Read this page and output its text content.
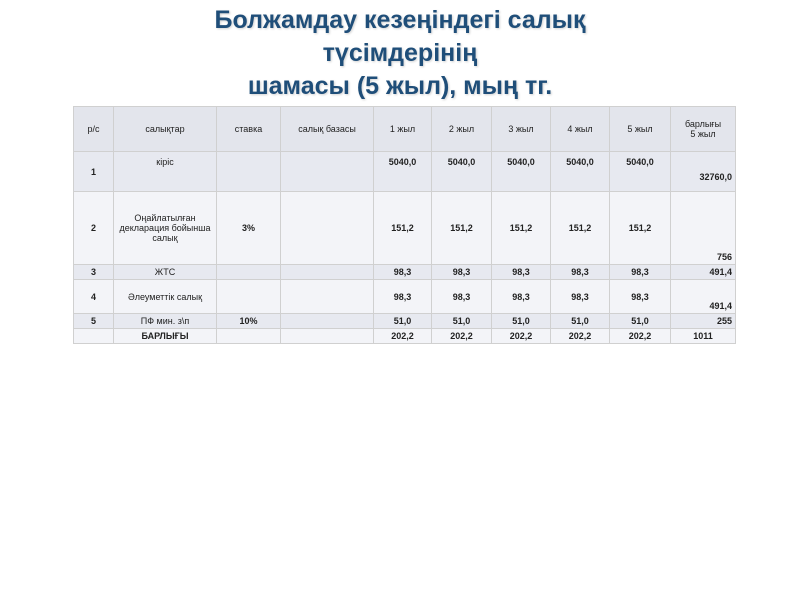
Болжамдау кезеңіндегі салық
түсімдерінің
шамасы (5 жыл), мың тг.
р/с	салықтар	ставка	салық базасы	1 жыл	2 жыл	3 жыл	4 жыл	5 жыл	барлығы
5 жыл
1	кіріс			5040,0	5040,0	5040,0	5040,0	5040,0	32760,0
2	Оңайлатылған декларация бойынша салық	3%		151,2	151,2	151,2	151,2	151,2	756
3	ЖТС			98,3	98,3	98,3	98,3	98,3	491,4
4	Әлеуметтік салық			98,3	98,3	98,3	98,3	98,3	491,4
5	ПФ мин. з\п	10%		51,0	51,0	51,0	51,0	51,0	255
	БАРЛЫҒЫ			202,2	202,2	202,2	202,2	202,2	1011
